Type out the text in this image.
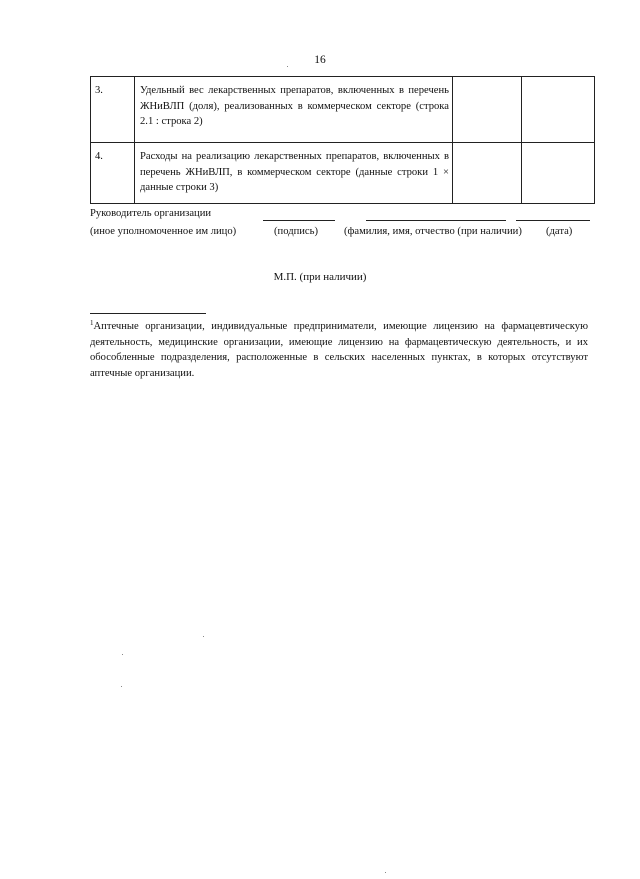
16
3.	Удельный вес лекарственных препаратов, включенных в перечень ЖНиВЛП (доля), реализованных в коммерческом секторе (строка 2.1 : строка 2)		
4.	Расходы на реализацию лекарственных препаратов, включенных в перечень ЖНиВЛП, в коммерческом секторе (данные строки 1 × данные строки 3)		
Руководитель организации
(иное уполномоченное им лицо)	(подпись) (фамилия, имя, отчество (при наличии) (дата)
М.П. (при наличии)
$^1$Аптечные организации, индивидуальные предприниматели, имеющие лицензию на фармацевтическую деятельность, медицинские организации, имеющие лицензию на фармацевтическую деятельность, и их обособленные подразделения, расположенные в сельских населенных пунктах, в которых отсутствуют аптечные организации.
